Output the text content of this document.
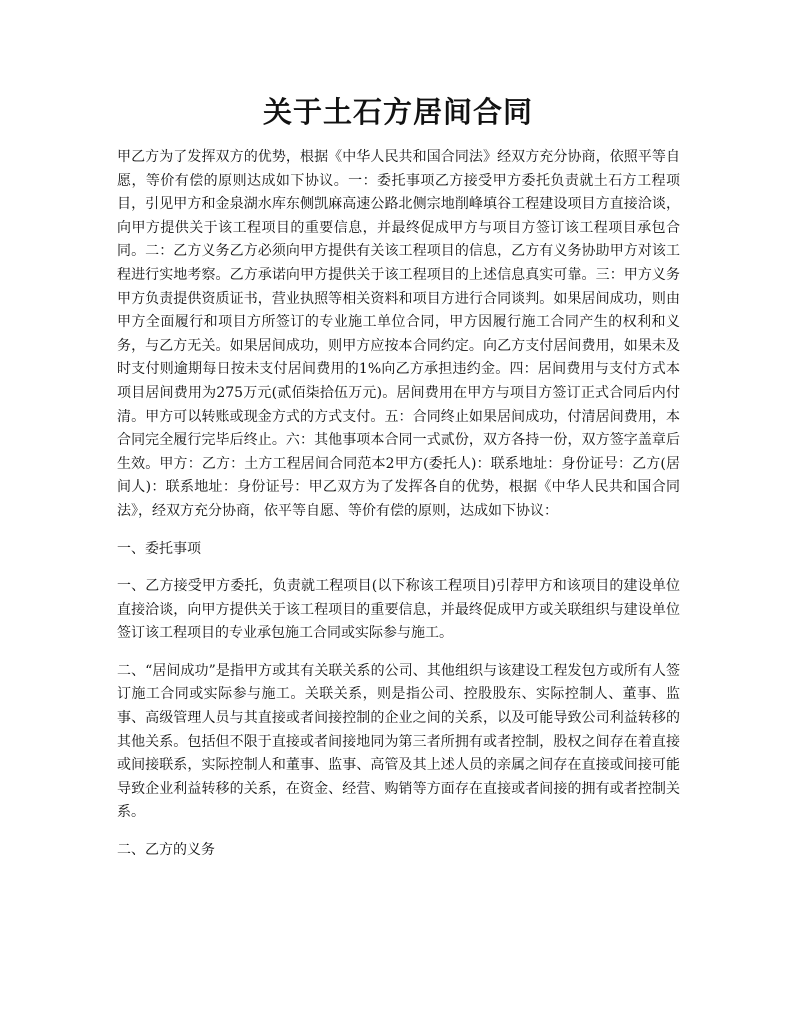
关于土石方居间合同

甲乙方为了发挥双方的优势，根据《中华人民共和国合同法》经双方充分协商，依照平等自愿，等价有偿的原则达成如下协议。一：委托事项乙方接受甲方委托负责就土石方工程项目，引见甲方和金泉湖水库东侧凯麻高速公路北侧宗地削峰填谷工程建设项目方直接洽谈，向甲方提供关于该工程项目的重要信息，并最终促成甲方与项目方签订该工程项目承包合同。二：乙方义务乙方必须向甲方提供有关该工程项目的信息，乙方有义务协助甲方对该工程进行实地考察。乙方承诺向甲方提供关于该工程项目的上述信息真实可靠。三：甲方义务甲方负责提供资质证书，营业执照等相关资料和项目方进行合同谈判。如果居间成功，则由甲方全面履行和项目方所签订的专业施工单位合同，甲方因履行施工合同产生的权利和义务，与乙方无关。如果居间成功，则甲方应按本合同约定。向乙方支付居间费用，如果未及时支付则逾期每日按未支付居间费用的1%向乙方承担违约金。四：居间费用与支付方式本项目居间费用为275万元(贰佰柒拾伍万元)。居间费用在甲方与项目方签订正式合同后内付清。甲方可以转账或现金方式的方式支付。五：合同终止如果居间成功，付清居间费用，本合同完全履行完毕后终止。六：其他事项本合同一式贰份，双方各持一份，双方签字盖章后生效。甲方：乙方：土方工程居间合同范本2甲方(委托人)：联系地址：身份证号：乙方(居间人)：联系地址：身份证号：甲乙双方为了发挥各自的优势，根据《中华人民共和国合同法》，经双方充分协商，依平等自愿、等价有偿的原则，达成如下协议：

一、委托事项

一、乙方接受甲方委托，负责就工程项目(以下称该工程项目)引荐甲方和该项目的建设单位直接洽谈，向甲方提供关于该工程项目的重要信息，并最终促成甲方或关联组织与建设单位签订该工程项目的专业承包施工合同或实际参与施工。

二、“居间成功”是指甲方或其有关联关系的公司、其他组织与该建设工程发包方或所有人签订施工合同或实际参与施工。关联关系，则是指公司、控股股东、实际控制人、董事、监事、高级管理人员与其直接或者间接控制的企业之间的关系，以及可能导致公司利益转移的其他关系。包括但不限于直接或者间接地同为第三者所拥有或者控制，股权之间存在着直接或间接联系，实际控制人和董事、监事、高管及其上述人员的亲属之间存在直接或间接可能导致企业利益转移的关系，在资金、经营、购销等方面存在直接或者间接的拥有或者控制关系。

二、乙方的义务
